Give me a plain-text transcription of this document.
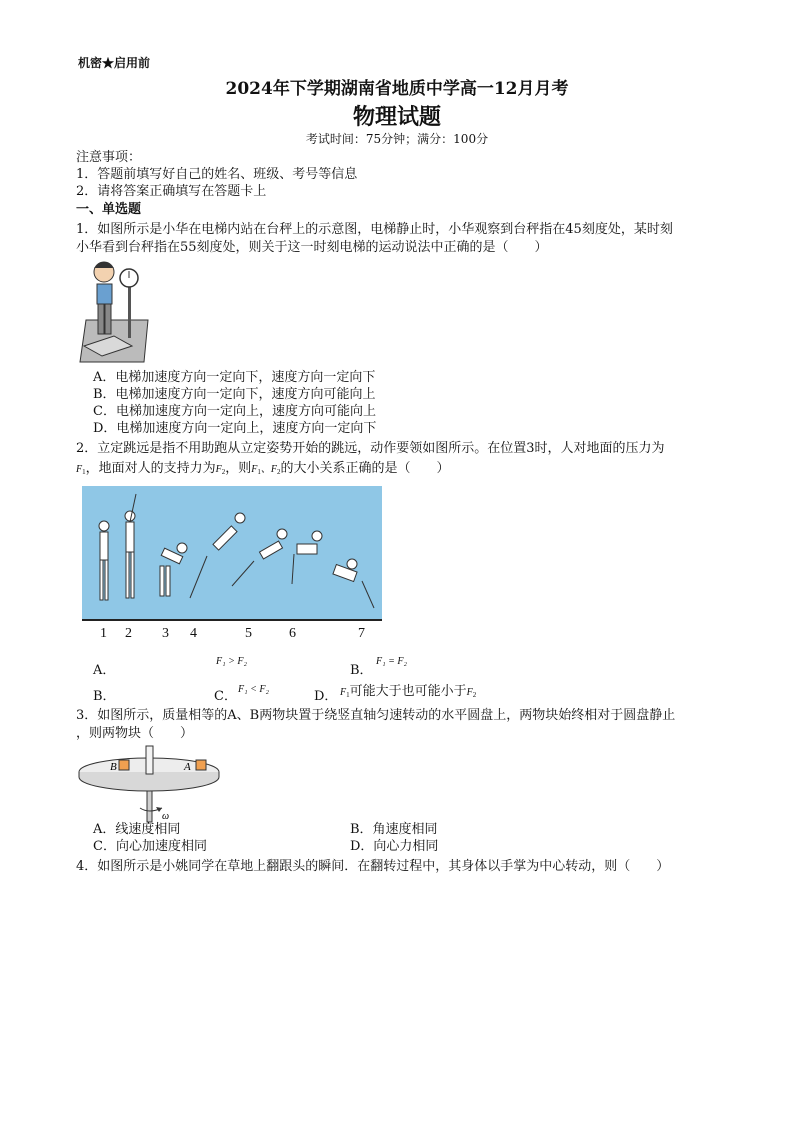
机密★启用前
2024年下学期湖南省地质中学高一12月月考
物理试题
考试时间：75分钟；满分：100分
注意事项：
1．答题前填写好自己的姓名、班级、考号等信息
2．请将答案正确填写在答题卡上
一、单选题
1．如图所示是小华在电梯内站在台秤上的示意图，电梯静止时，小华观察到台秤指在45刻度处，某时刻
小华看到台秤指在55刻度处，则关于这一时刻电梯的运动说法中正确的是（　　）
A．电梯加速度方向一定向下，速度方向一定向下
B．电梯加速度方向一定向下，速度方向可能向上
C．电梯加速度方向一定向上，速度方向可能向上
D．电梯加速度方向一定向上，速度方向一定向下
2．立定跳远是指不用助跑从立定姿势开始的跳远，动作要领如图所示。在位置3时，人对地面的压力为
$F_1$，地面对人的支持力为$F_2$，则$F_1$、$F_2$的大小关系正确的是（　　）
1 2 3 4	5	6	7
A．
F₁ > F₂
B．
F₁ = F₂
B．	C． F₁ < F₂	D． $F_1$可能大于也可能小于$F_2$
3．如图所示，质量相等的A、B两物块置于绕竖直轴匀速转动的水平圆盘上，两物块始终相对于圆盘静止
，则两物块（　　）
B	A
ω
A．线速度相同	B．角速度相同
C．向心加速度相同	D．向心力相同
4．如图所示是小姚同学在草地上翻跟头的瞬间．在翻转过程中，其身体以手掌为中心转动，则（　　）
